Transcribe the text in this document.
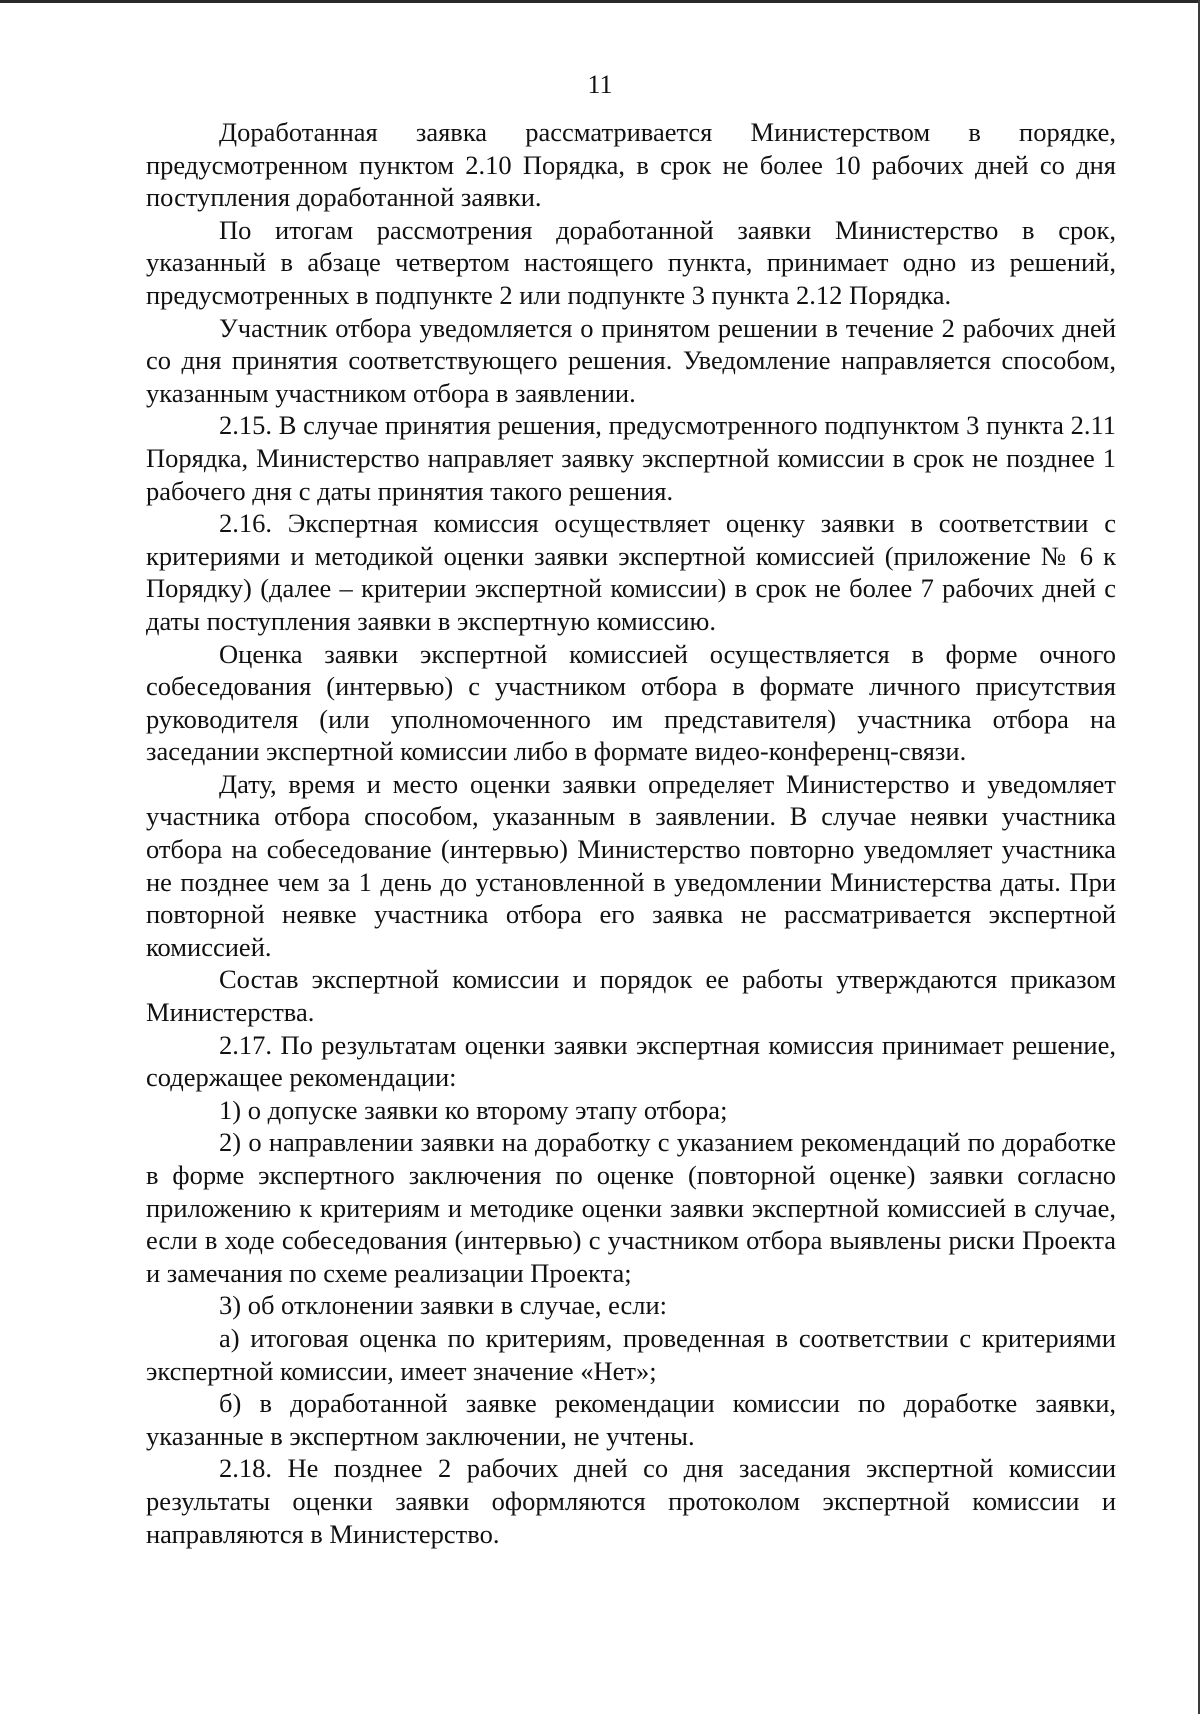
11

Доработанная заявка рассматривается Министерством в порядке, предусмотренном пунктом 2.10 Порядка, в срок не более 10 рабочих дней со дня поступления доработанной заявки.

По итогам рассмотрения доработанной заявки Министерство в срок, указанный в абзаце четвертом настоящего пункта, принимает одно из решений, предусмотренных в подпункте 2 или подпункте 3 пункта 2.12 Порядка.

Участник отбора уведомляется о принятом решении в течение 2 рабочих дней со дня принятия соответствующего решения. Уведомление направляется способом, указанным участником отбора в заявлении.

2.15. В случае принятия решения, предусмотренного подпунктом 3 пункта 2.11 Порядка, Министерство направляет заявку экспертной комиссии в срок не позднее 1 рабочего дня с даты принятия такого решения.

2.16. Экспертная комиссия осуществляет оценку заявки в соответствии с критериями и методикой оценки заявки экспертной комиссией (приложение № 6 к Порядку) (далее – критерии экспертной комиссии) в срок не более 7 рабочих дней с даты поступления заявки в экспертную комиссию.

Оценка заявки экспертной комиссией осуществляется в форме очного собеседования (интервью) с участником отбора в формате личного присутствия руководителя (или уполномоченного им представителя) участника отбора на заседании экспертной комиссии либо в формате видео-конференц-связи.

Дату, время и место оценки заявки определяет Министерство и уведомляет участника отбора способом, указанным в заявлении. В случае неявки участника отбора на собеседование (интервью) Министерство повторно уведомляет участника не позднее чем за 1 день до установленной в уведомлении Министерства даты. При повторной неявке участника отбора его заявка не рассматривается экспертной комиссией.

Состав экспертной комиссии и порядок ее работы утверждаются приказом Министерства.

2.17. По результатам оценки заявки экспертная комиссия принимает решение, содержащее рекомендации:

1) о допуске заявки ко второму этапу отбора;

2) о направлении заявки на доработку с указанием рекомендаций по доработке в форме экспертного заключения по оценке (повторной оценке) заявки согласно приложению к критериям и методике оценки заявки экспертной комиссией в случае, если в ходе собеседования (интервью) с участником отбора выявлены риски Проекта и замечания по схеме реализации Проекта;

3) об отклонении заявки в случае, если:

а) итоговая оценка по критериям, проведенная в соответствии с критериями экспертной комиссии, имеет значение «Нет»;

б) в доработанной заявке рекомендации комиссии по доработке заявки, указанные в экспертном заключении, не учтены.

2.18. Не позднее 2 рабочих дней со дня заседания экспертной комиссии результаты оценки заявки оформляются протоколом экспертной комиссии и направляются в Министерство.
